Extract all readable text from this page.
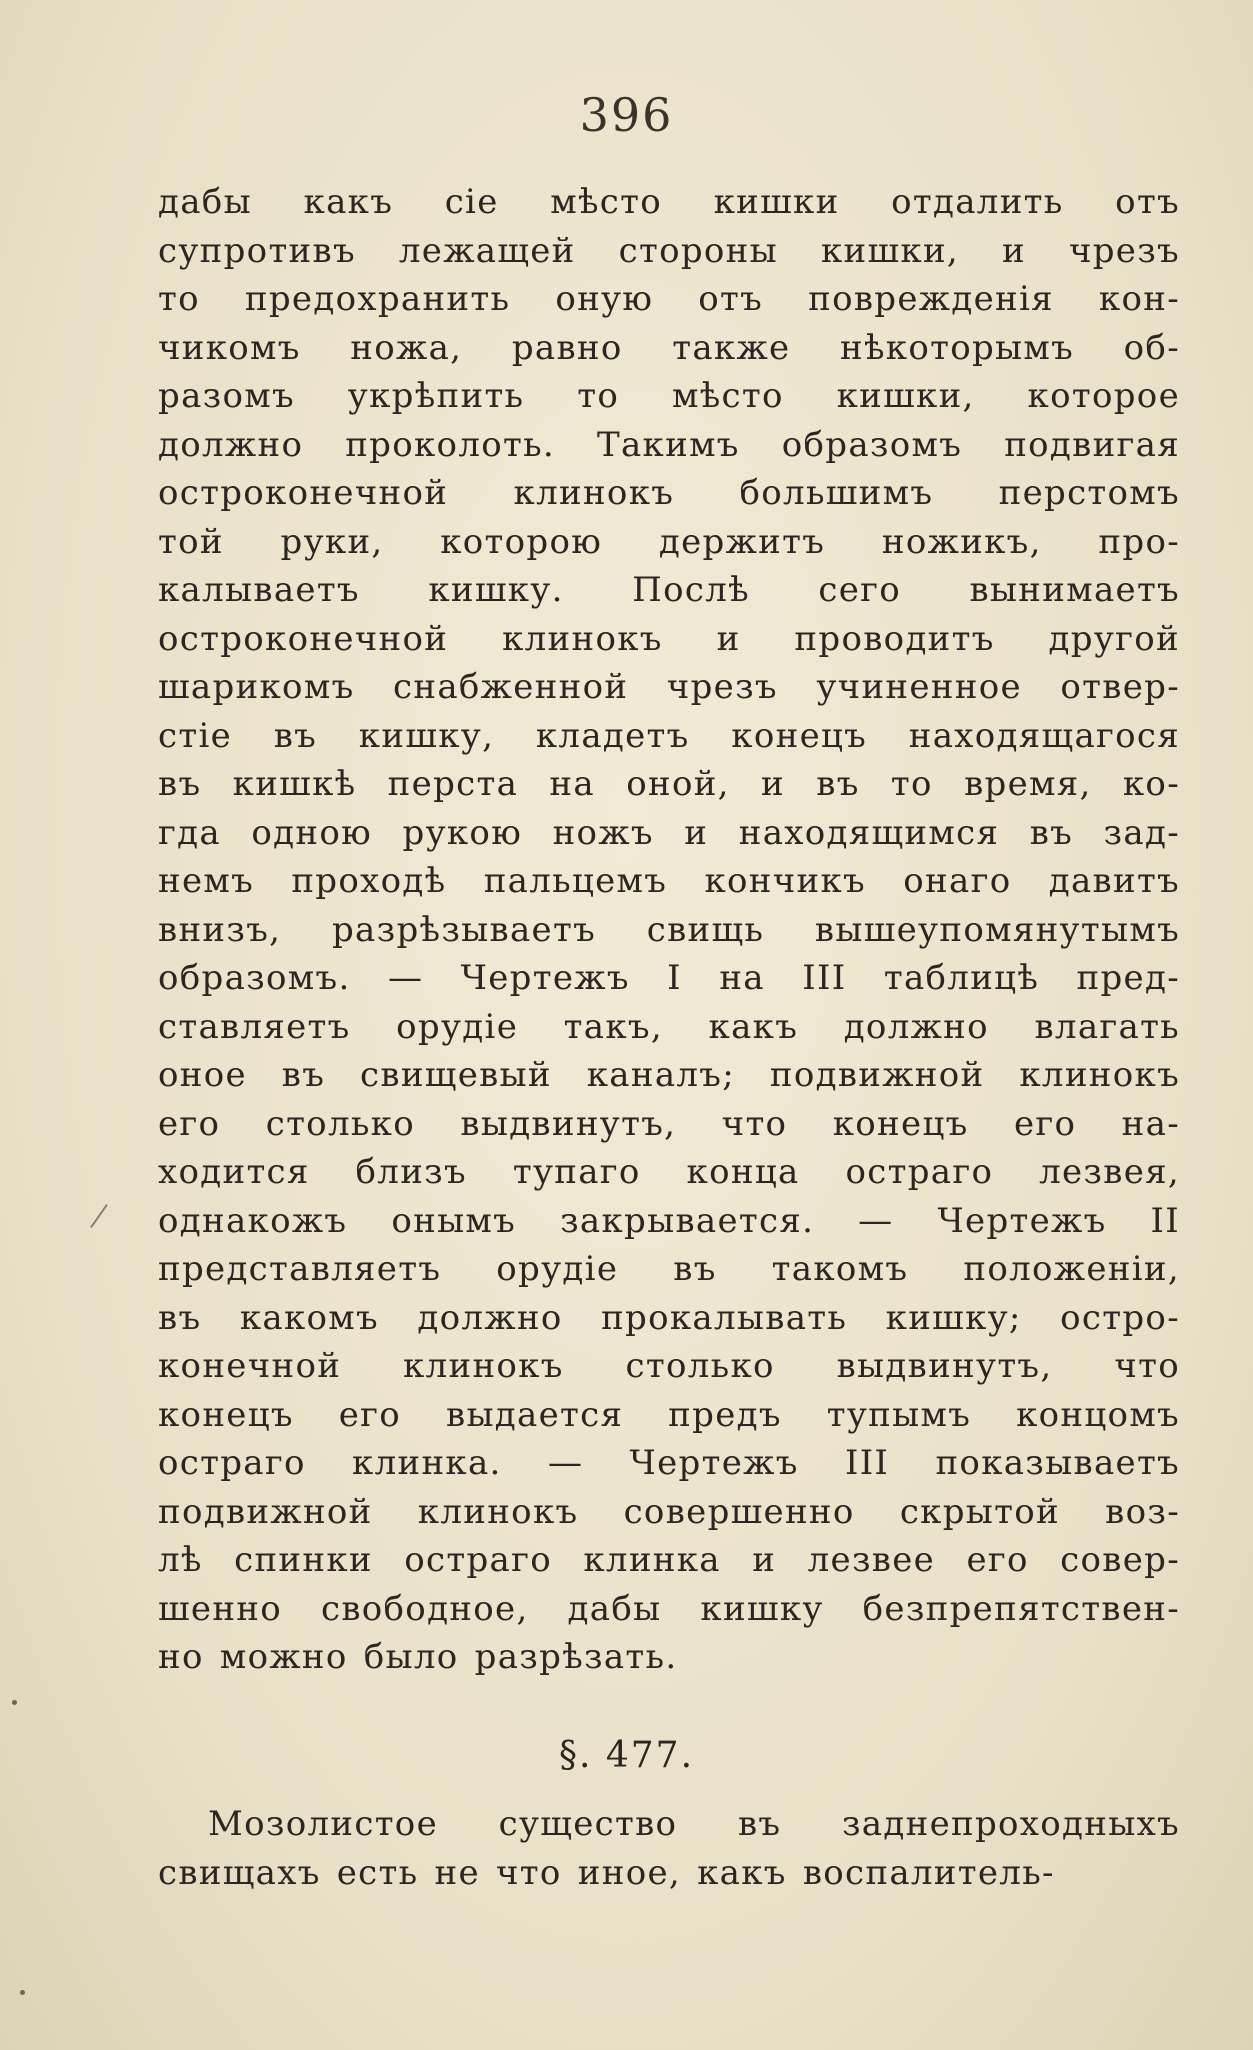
396
дабы какъ сіе мѣсто кишки отдалить отъ
супротивъ лежащей стороны кишки, и чрезъ
то предохранить оную отъ поврежденія кон-
чикомъ ножа, равно также нѣкоторымъ об-
разомъ укрѣпить то мѣсто кишки, которое
должно проколоть. Такимъ образомъ подвигая
остроконечной клинокъ большимъ перстомъ
той руки, которою держитъ ножикъ, про-
калываетъ кишку. Послѣ сего вынимаетъ
остроконечной клинокъ и проводитъ другой
шарикомъ снабженной чрезъ учиненное отвер-
стіе въ кишку, кладетъ конецъ находящагося
въ кишкѣ перста на оной, и въ то время, ко-
гда одною рукою ножъ и находящимся въ зад-
немъ проходѣ пальцемъ кончикъ онаго давитъ
внизъ, разрѣзываетъ свищь вышеупомянутымъ
образомъ. — Чертежъ I на III таблицѣ пред-
ставляетъ орудіе такъ, какъ должно влагать
оное въ свищевый каналъ; подвижной клинокъ
его столько выдвинутъ, что конецъ его на-
ходится близъ тупаго конца остраго лезвея,
однакожъ онымъ закрывается. — Чертежъ II
представляетъ орудіе въ такомъ положеніи,
въ какомъ должно прокалывать кишку; остро-
конечной клинокъ столько выдвинутъ, что
конецъ его выдается предъ тупымъ концомъ
остраго клинка. — Чертежъ III показываетъ
подвижной клинокъ совершенно скрытой воз-
лѣ спинки остраго клинка и лезвее его совер-
шенно свободное, дабы кишку безпрепятствен-
но можно было разрѣзать.
§. 477.
Мозолистое существо въ заднепроходныхъ
свищахъ есть не что иное, какъ воспалитель-
